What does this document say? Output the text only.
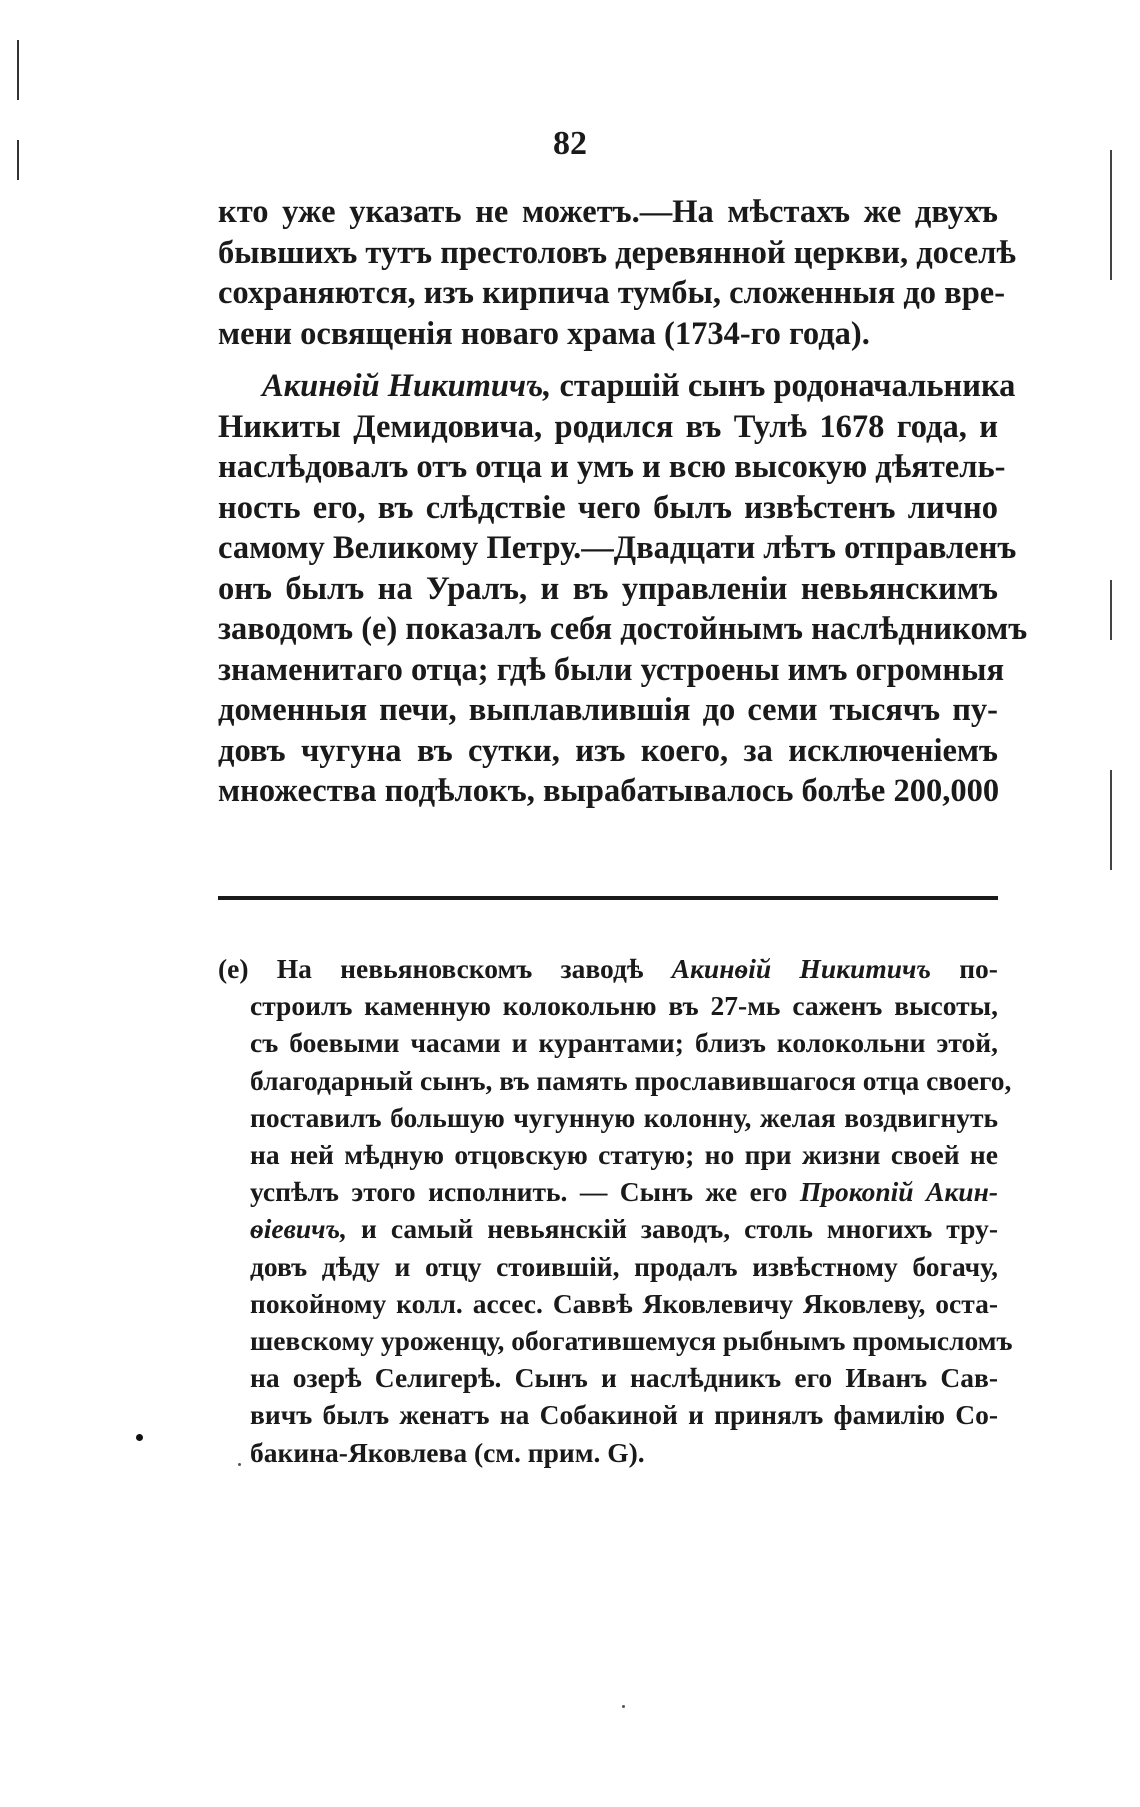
82
кто уже указать не можетъ.—На мѣстахъ же двухъ
бывшихъ тутъ престоловъ деревянной церкви, доселѣ
сохраняются, изъ кирпича тумбы, сложенныя до вре-
мени освященія новаго храма (1734-го года).
Акинѳій Никитичъ, старшій сынъ родоначальника
Никиты Демидовича, родился въ Тулѣ 1678 года, и
наслѣдовалъ отъ отца и умъ и всю высокую дѣятель-
ность его, въ слѣдствіе чего былъ извѣстенъ лично
самому Великому Петру.—Двадцати лѣтъ отправленъ
онъ былъ на Уралъ, и въ управленіи невьянскимъ
заводомъ (е) показалъ себя достойнымъ наслѣдникомъ
знаменитаго отца; гдѣ были устроены имъ огромныя
доменныя печи, выплавлившія до семи тысячъ пу-
довъ чугуна въ сутки, изъ коего, за исключеніемъ
множества подѣлокъ, вырабатывалось болѣе 200,000
(е) На невьяновскомъ заводѣ Акинѳій Никитичъ по-
строилъ каменную колокольню въ 27-мь саженъ высоты,
съ боевыми часами и курантами; близъ колокольни этой,
благодарный сынъ, въ память прославившагося отца своего,
поставилъ большую чугунную колонну, желая воздвигнуть
на ней мѣдную отцовскую статую; но при жизни своей не
успѣлъ этого исполнить. — Сынъ же его Прокопій Акин-
ѳіевичъ, и самый невьянскій заводъ, столь многихъ тру-
довъ дѣду и отцу стоившій, продалъ извѣстному богачу,
покойному колл. ассес. Саввѣ Яковлевичу Яковлеву, оста-
шевскому уроженцу, обогатившемуся рыбнымъ промысломъ
на озерѣ Селигерѣ. Сынъ и наслѣдникъ его Иванъ Сав-
вичъ былъ женатъ на Собакиной и принялъ фамилію Со-
бакина-Яковлева (см. прим. G).
